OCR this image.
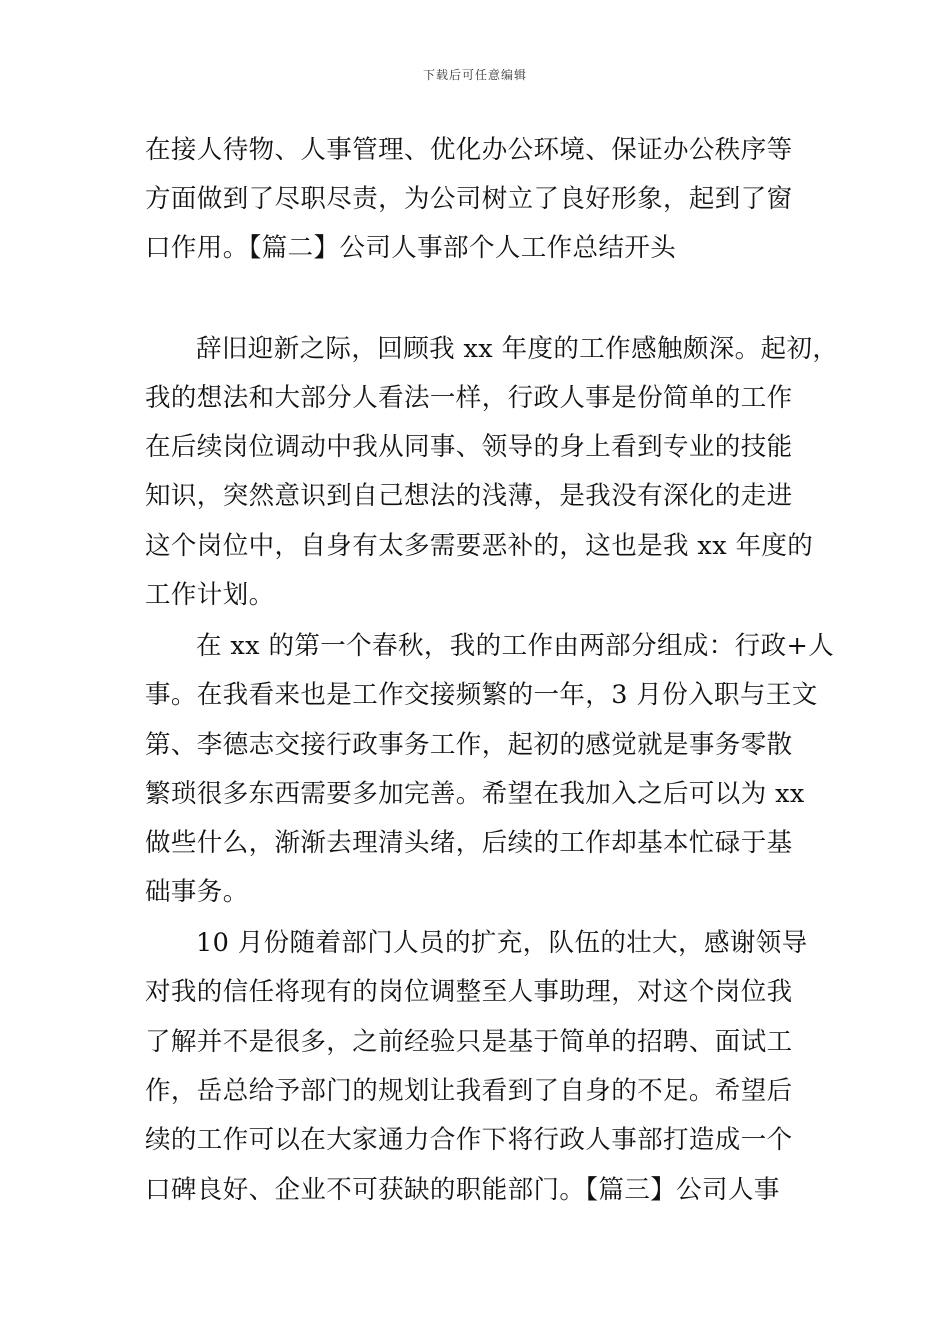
下载后可任意编辑
在接人待物、人事管理、优化办公环境、保证办公秩序等
方面做到了尽职尽责，为公司树立了良好形象，起到了窗
口作用。【篇二】公司人事部个人工作总结开头
辞旧迎新之际，回顾我 xx 年度的工作感触颇深。起初，
我的想法和大部分人看法一样，行政人事是份简单的工作
在后续岗位调动中我从同事、领导的身上看到专业的技能
知识，突然意识到自己想法的浅薄，是我没有深化的走进
这个岗位中，自身有太多需要恶补的，这也是我 xx 年度的
工作计划。
在 xx 的第一个春秋，我的工作由两部分组成：行政+人
事。在我看来也是工作交接频繁的一年，3 月份入职与王文
第、李德志交接行政事务工作，起初的感觉就是事务零散
繁琐很多东西需要多加完善。希望在我加入之后可以为 xx
做些什么，渐渐去理清头绪，后续的工作却基本忙碌于基
础事务。
10 月份随着部门人员的扩充，队伍的壮大，感谢领导
对我的信任将现有的岗位调整至人事助理，对这个岗位我
了解并不是很多，之前经验只是基于简单的招聘、面试工
作，岳总给予部门的规划让我看到了自身的不足。希望后
续的工作可以在大家通力合作下将行政人事部打造成一个
口碑良好、企业不可获缺的职能部门。【篇三】公司人事
